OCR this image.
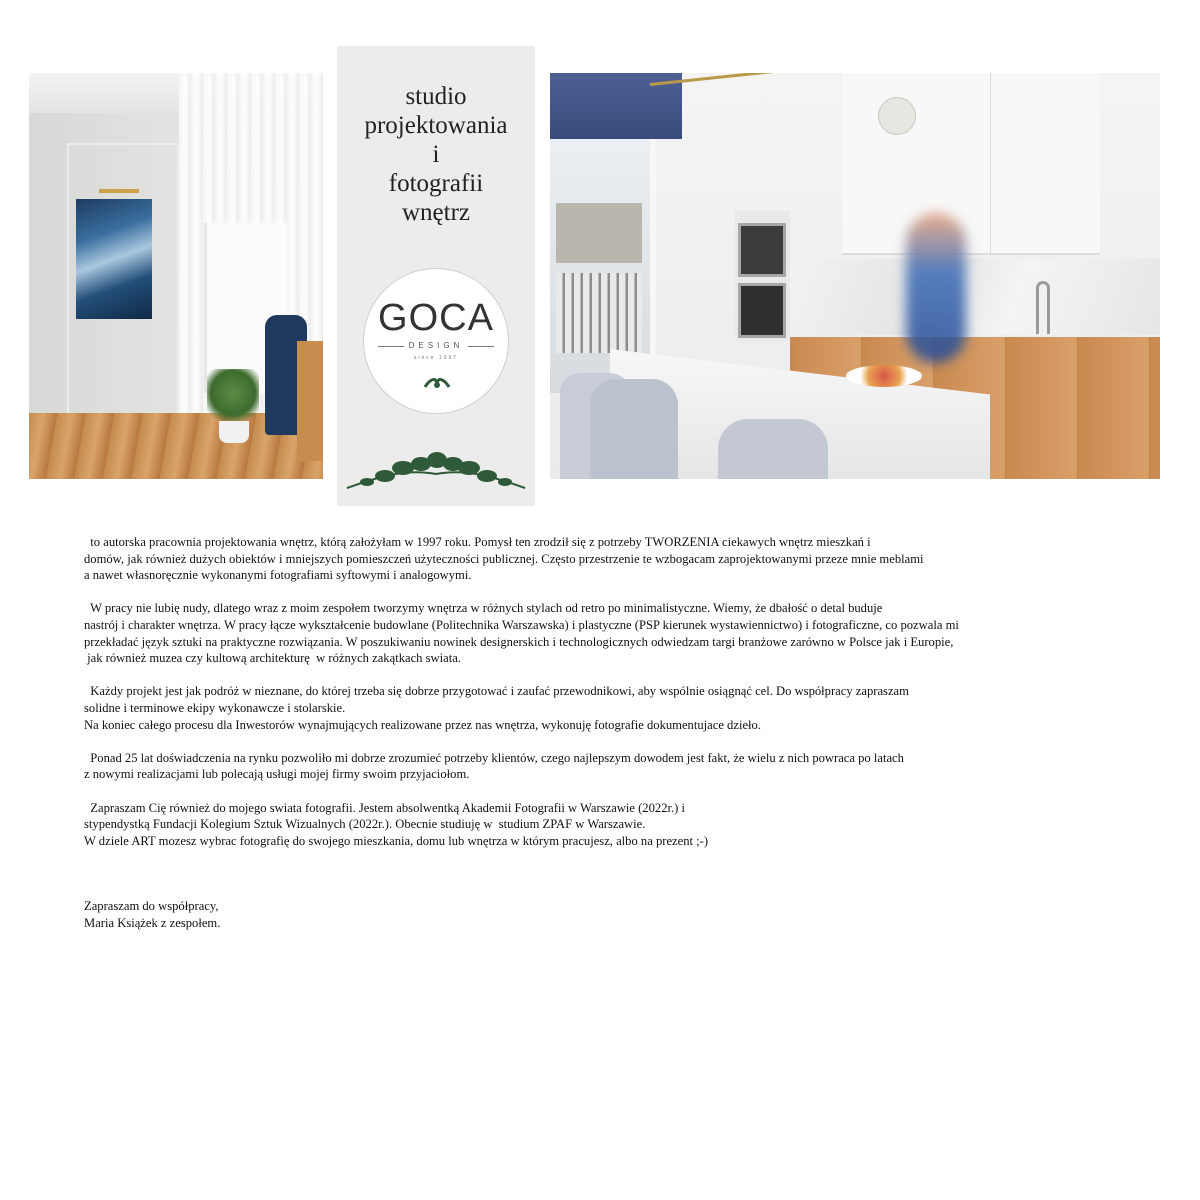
studio
projektowania
i
fotografii
wnętrz
GOCA
DESIGN
since 1997

to autorska pracownia projektowania wnętrz, którą założyłam w 1997 roku. Pomysł ten zrodził się z potrzeby TWORZENIA ciekawych wnętrz mieszkań i
domów, jak również dużych obiektów i mniejszych pomieszczeń użyteczności publicznej. Często przestrzenie te wzbogacam zaprojektowanymi przeze mnie meblami
a nawet własnoręcznie wykonanymi fotografiami syftowymi i analogowymi.

W pracy nie lubię nudy, dlatego wraz z moim zespołem tworzymy wnętrza w różnych stylach od retro po minimalistyczne. Wiemy, że dbałość o detal buduje
nastrój i charakter wnętrza. W pracy łącze wykształcenie budowlane (Politechnika Warszawska) i plastyczne (PSP kierunek wystawiennictwo) i fotograficzne, co pozwala mi
przekładać język sztuki na praktyczne rozwiązania. W poszukiwaniu nowinek designerskich i technologicznych odwiedzam targi branżowe zarówno w Polsce jak i Europie,
jak również muzea czy kultową architekturę  w różnych zakątkach swiata.

Każdy projekt jest jak podróż w nieznane, do której trzeba się dobrze przygotować i zaufać przewodnikowi, aby wspólnie osiągnąć cel. Do współpracy zapraszam
solidne i terminowe ekipy wykonawcze i stolarskie.
Na koniec całego procesu dla Inwestorów wynajmujących realizowane przez nas wnętrza, wykonuję fotografie dokumentujace dzieło.

Ponad 25 lat doświadczenia na rynku pozwoliło mi dobrze zrozumieć potrzeby klientów, czego najlepszym dowodem jest fakt, że wielu z nich powraca po latach
z nowymi realizacjami lub polecają usługi mojej firmy swoim przyjaciołom.

Zapraszam Cię również do mojego swiata fotografii. Jestem absolwentką Akademii Fotografii w Warszawie (2022r.) i
stypendystką Fundacji Kolegium Sztuk Wizualnych (2022r.). Obecnie studiuję w  studium ZPAF w Warszawie.
W dziele ART mozesz wybrac fotografię do swojego mieszkania, domu lub wnętrza w którym pracujesz, albo na prezent ;-)

Zapraszam do współpracy,
Maria Książek z zespołem.
